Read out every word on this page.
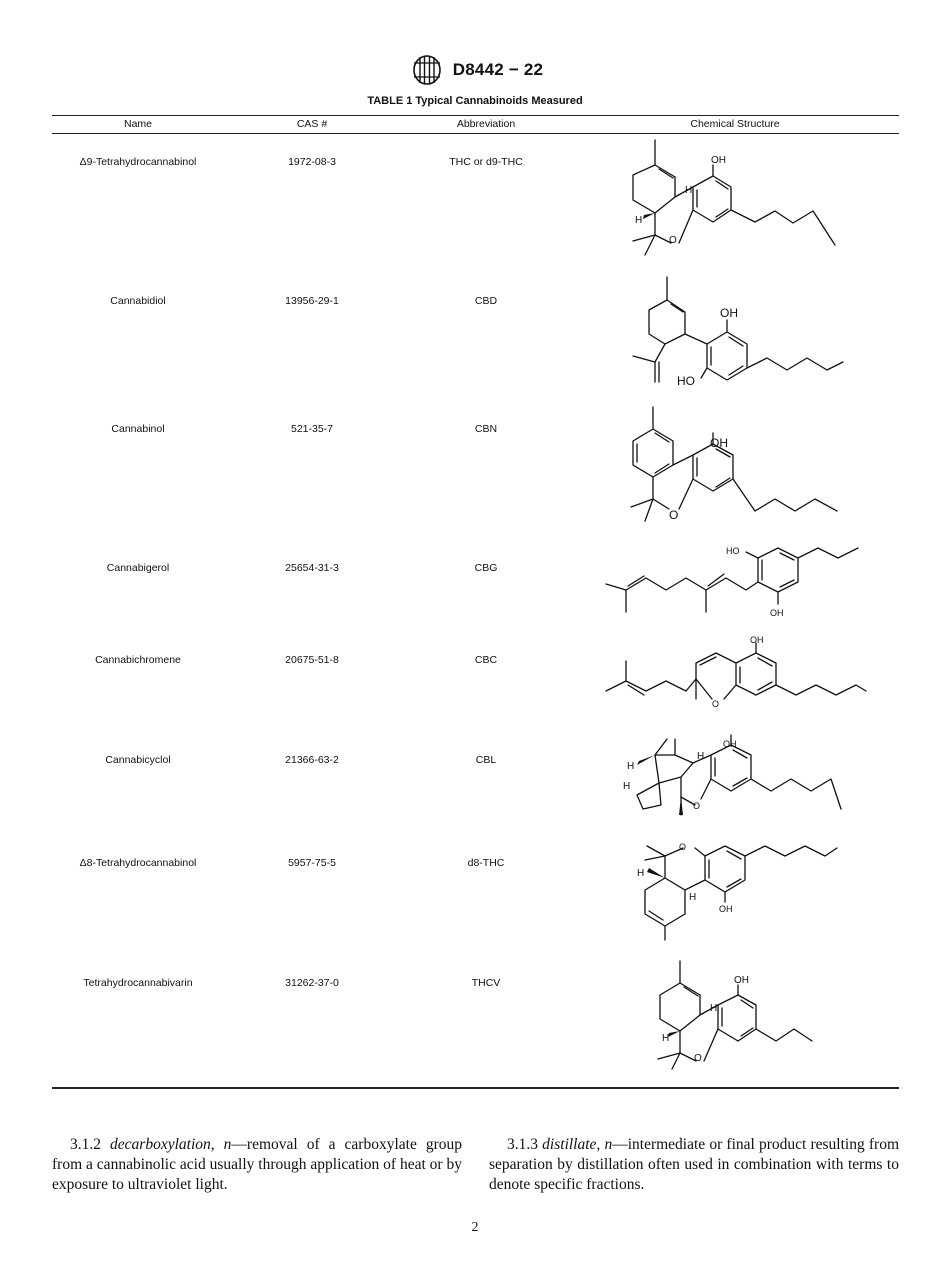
D8442 − 22
TABLE 1 Typical Cannabinoids Measured
Name	CAS #	Abbreviation	Chemical Structure
Δ9-Tetrahydrocannabinol	1972-08-3	THC or d9-THC	OH
O
H
H
Cannabidiol	13956-29-1	CBD
OH
HO
Cannabinol	521-35-7	CBN
OH
O
Cannabigerol	25654-31-3	CBG
HO
OH
Cannabichromene	20675-51-8	CBC
OH
O
Cannabicyclol	21366-63-2	CBL
OH
O
H
H
H
Δ8-Tetrahydrocannabinol	5957-75-5	d8-THC
O
OH
H
H
Tetrahydrocannabivarin	31262-37-0	THCV	OH
O
H
H
3.1.2 decarboxylation, n—removal of a carboxylate group from a cannabinolic acid usually through application of heat or by exposure to ultraviolet light.
3.1.3 distillate, n—intermediate or final product resulting from separation by distillation often used in combination with terms to denote specific fractions.
2
